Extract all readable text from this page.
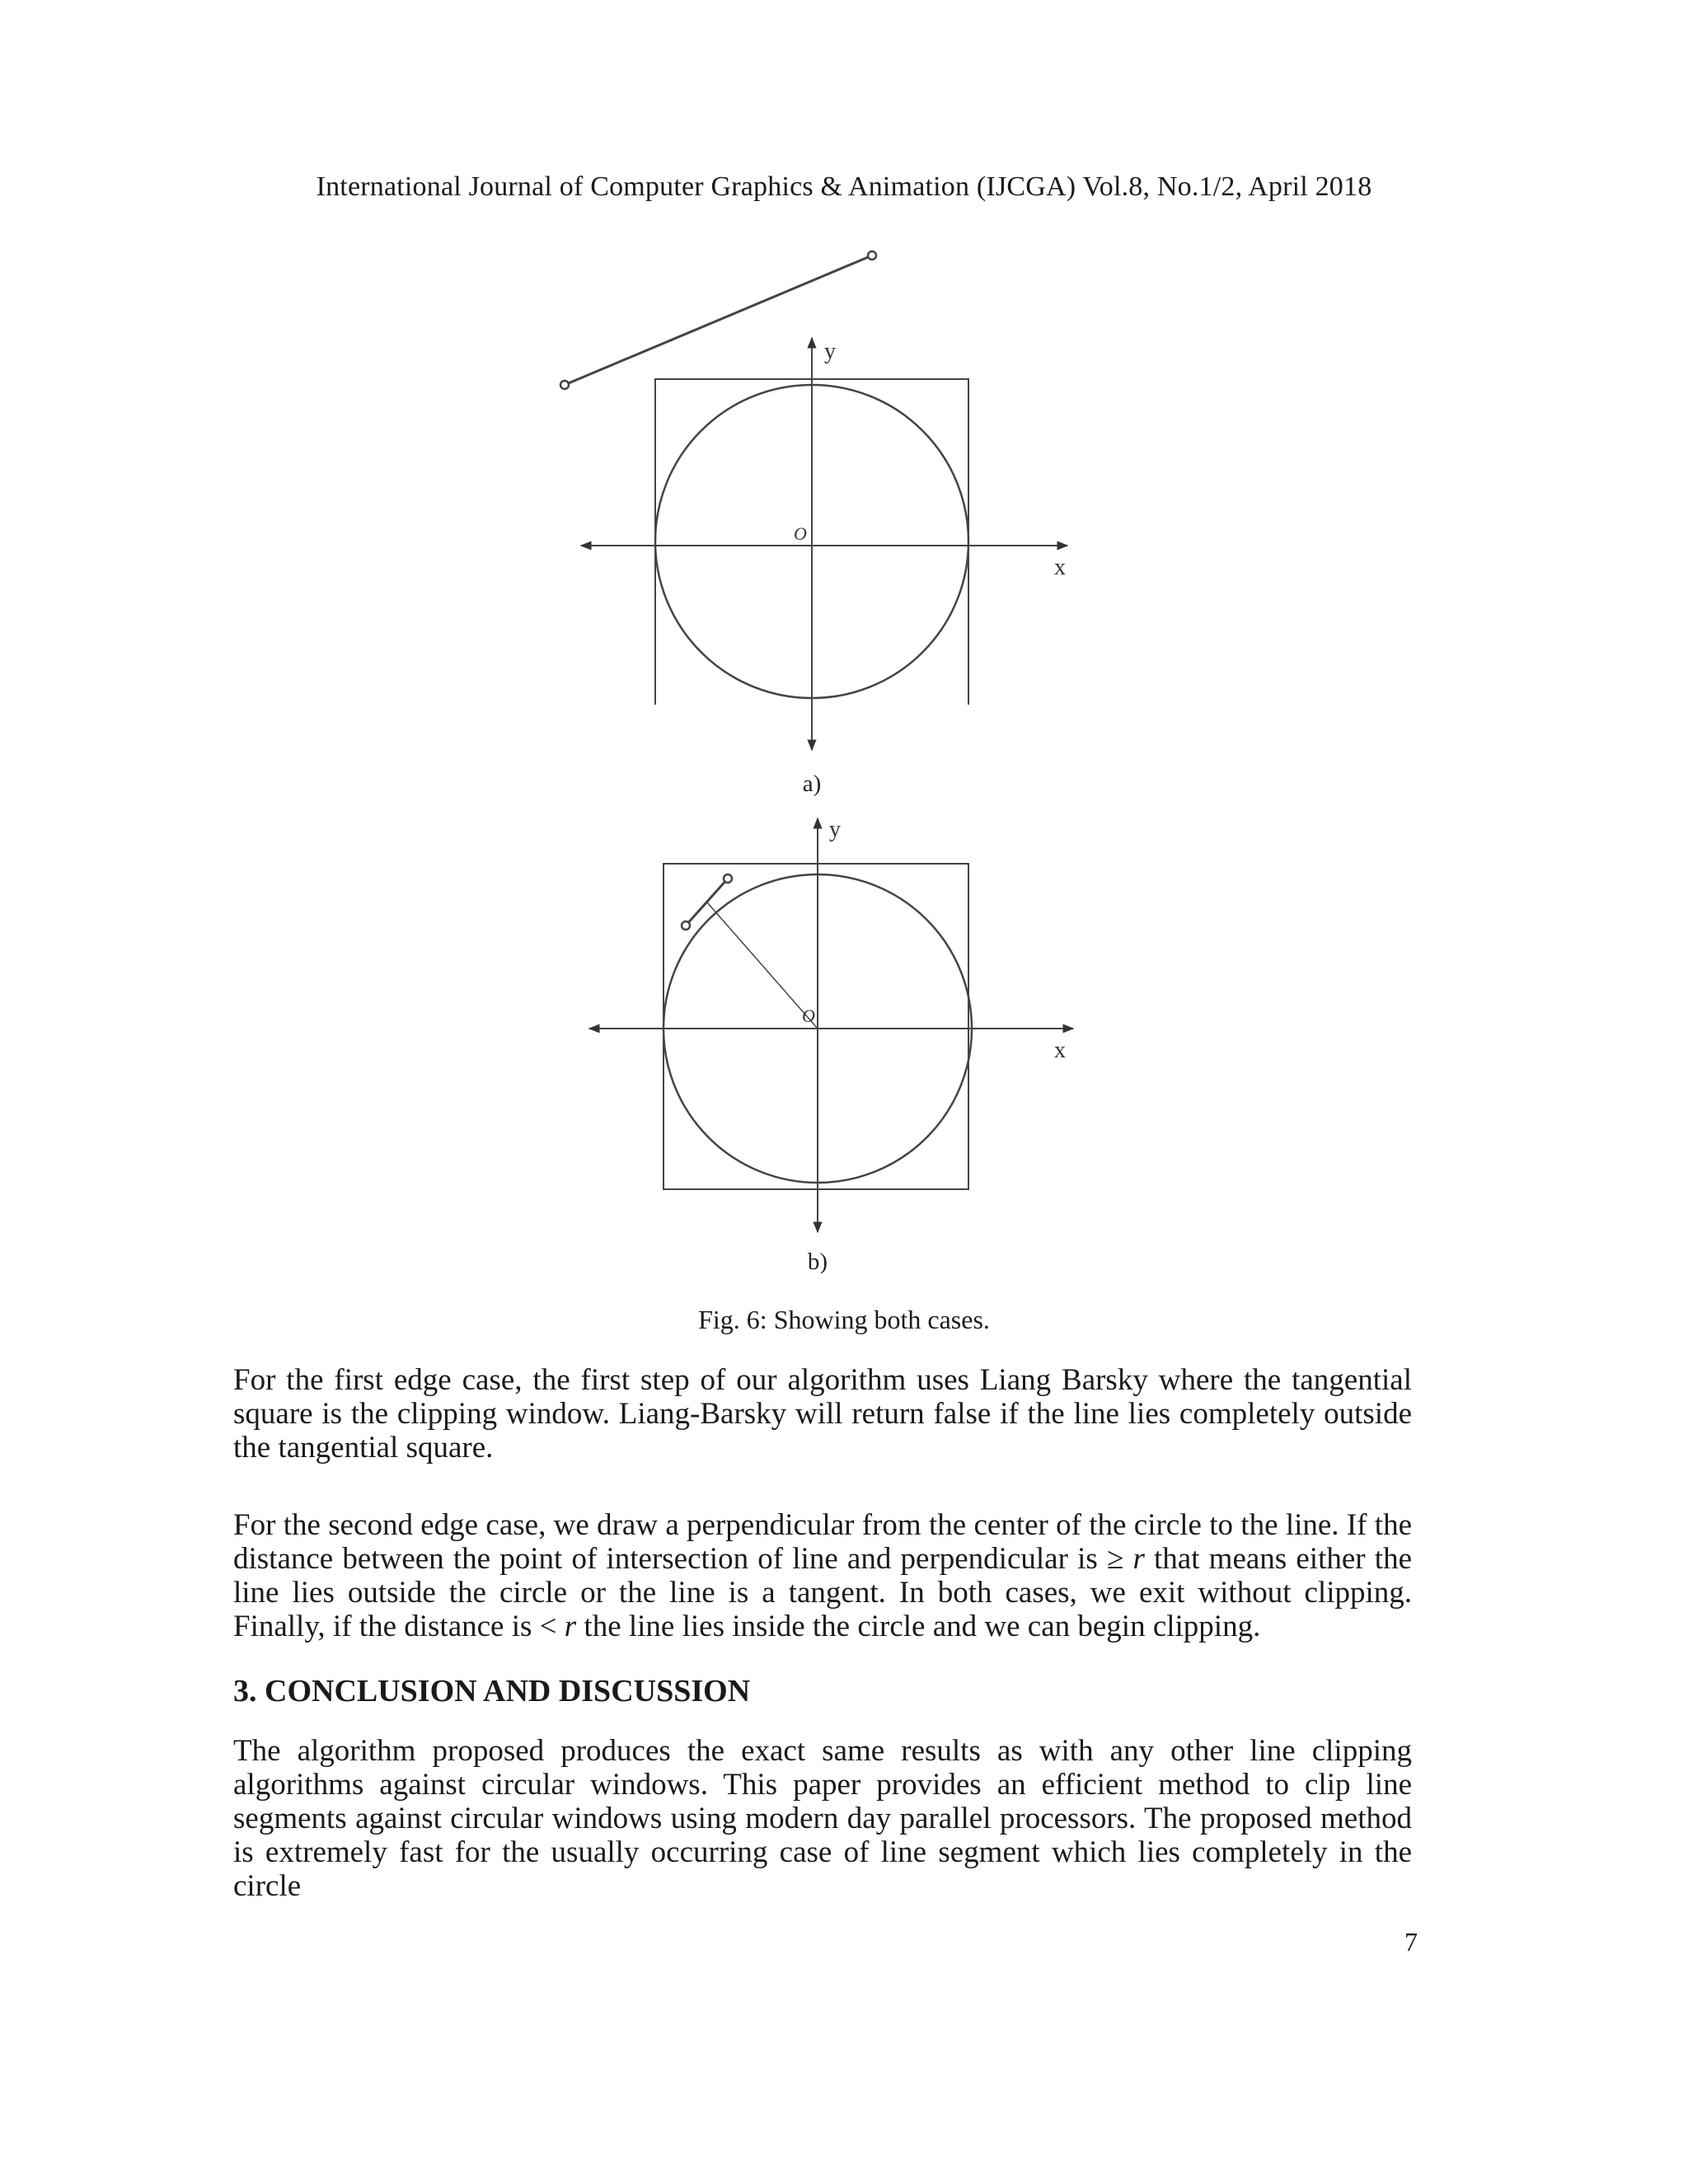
International Journal of Computer Graphics & Animation (IJCGA) Vol.8, No.1/2, April 2018
y
x
O
a)
y
x
O
b)
Fig. 6: Showing both cases.

For the first edge case, the first step of our algorithm uses Liang Barsky where the tangential square is the clipping window. Liang-Barsky will return false if the line lies completely outside the tangential square.

For the second edge case, we draw a perpendicular from the center of the circle to the line. If the distance between the point of intersection of line and perpendicular is ≥ r that means either the line lies outside the circle or the line is a tangent. In both cases, we exit without clipping. Finally, if the distance is < r the line lies inside the circle and we can begin clipping.

3. CONCLUSION AND DISCUSSION

The algorithm proposed produces the exact same results as with any other line clipping algorithms against circular windows. This paper provides an efficient method to clip line segments against circular windows using modern day parallel processors. The proposed method is extremely fast for the usually occurring case of line segment which lies completely in the circle

7
